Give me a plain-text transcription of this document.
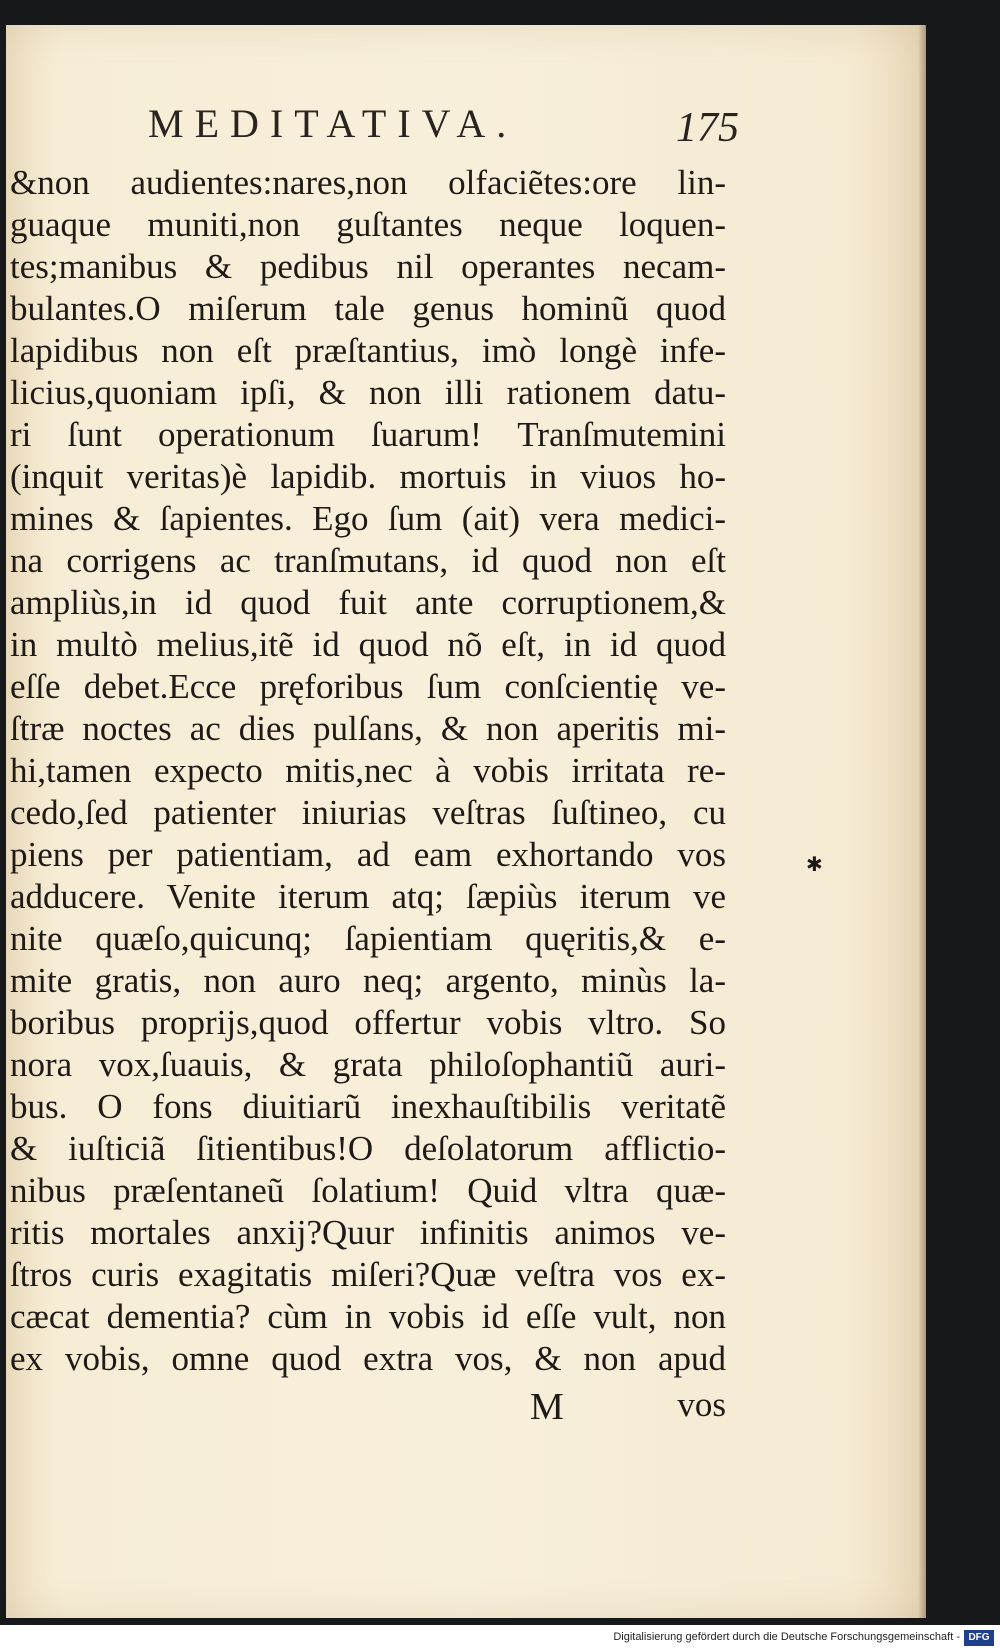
MEDITATIVA.	175
&non audientes:nares,non olfaciẽtes:ore lin-
guaque muniti,non guſtantes neque loquen-
tes;manibus & pedibus nil operantes necam-
bulantes.O miſerum tale genus hominũ quod
lapidibus non eſt præſtantius, imò longè infe-
licius,quoniam ipſi, & non illi rationem datu-
ri ſunt operationum ſuarum! Tranſmutemini
(inquit veritas)è lapidib. mortuis in viuos ho-
mines & ſapientes. Ego ſum (ait) vera medici-
na corrigens ac tranſmutans, id quod non eſt
ampliùs,in id quod fuit ante corruptionem,&
in multò melius,itẽ id quod nõ eſt, in id quod
eſſe debet.Ecce pręforibus ſum conſcientię ve-
ſtræ noctes ac dies pulſans, & non aperitis mi-
hi,tamen expecto mitis,nec à vobis irritata re-
cedo,ſed patienter iniurias veſtras ſuſtineo, cu
piens per patientiam, ad eam exhortando vos
adducere. Venite iterum atq; ſæpiùs iterum ve
nite quæſo,quicunq; ſapientiam quęritis,& e-
mite gratis, non auro neq; argento, minùs la-
boribus proprijs,quod offertur vobis vltro. So
nora vox,ſuauis, & grata philoſophantiũ auri-
bus. O fons diuitiarũ inexhauſtibilis veritatẽ
& iuſticiã ſitientibus!O deſolatorum afflictio-
nibus præſentaneũ ſolatium! Quid vltra quæ-
ritis mortales anxij?Quur infinitis animos ve-
ſtros curis exagitatis miſeri?Quæ veſtra vos ex-
cæcat dementia? cùm in vobis id eſſe vult, non
ex vobis, omne quod extra vos, & non apud
M	vos
✱
Digitalisierung gefördert durch die Deutsche Forschungsgemeinschaft - DFG
